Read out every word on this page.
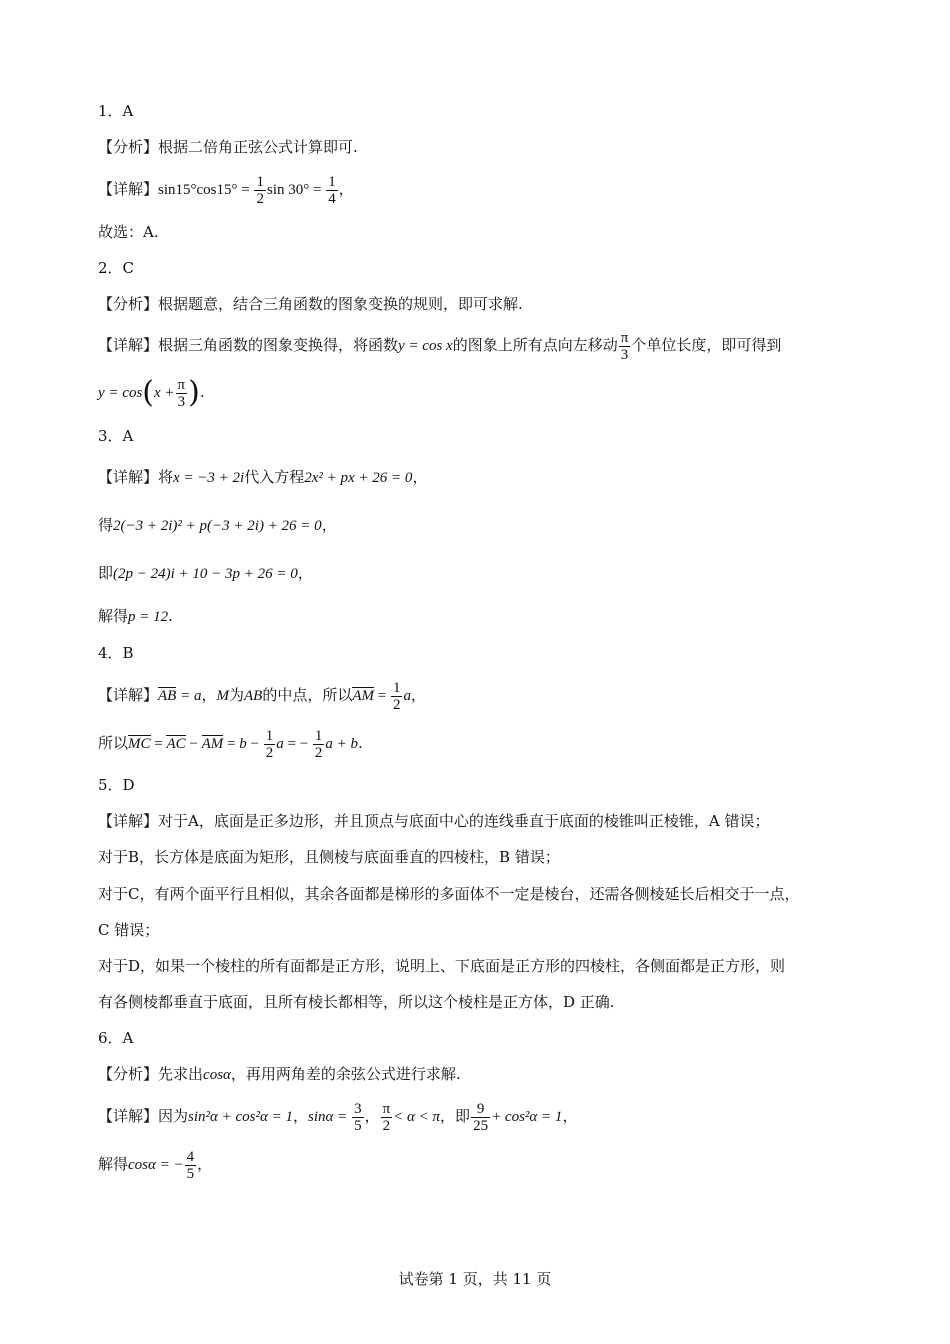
1．A
【分析】根据二倍角正弦公式计算即可.
【详解】$\sin 15^\circ\cos 15^\circ = \frac{1}{2}$ $\sin 30^\circ = \frac{1}{4}$ ，
故选：A.
2．C
【分析】根据题意，结合三角函数的图象变换的规则，即可求解.
【详解】根据三角函数的图象变换得，将函数y = cos x的图象上所有点向左移动 $\frac{\pi}{3}$ 个单位长度，即可得到
$y = \cos(x + \frac{\pi}{3}$ ).
3．A
【详解】将x = −3 + 2i代入方程2x² + px + 26 = 0，
得2(−3 + 2i)² + p(−3 + 2i) + 26 = 0，
即(2p − 24)i + 10 − 3p + 26 = 0，
解得p = 12.
4．B
【详解】AB = a，M为AB的中点，所以AM = $\frac{1}{2}$ a，
所以MC = AC − AM = $b - \frac{1}{2}$ a = − $\frac{1}{2}$ a + b.
5．D
【详解】对于A，底面是正多边形，并且顶点与底面中心的连线垂直于底面的棱锥叫正棱锥，A 错误；
对于B，长方体是底面为矩形，且侧棱与底面垂直的四棱柱，B 错误；
对于C，有两个面平行且相似，其余各面都是梯形的多面体不一定是棱台，还需各侧棱延长后相交于一点，
C 错误；
对于D，如果一个棱柱的所有面都是正方形，说明上、下底面是正方形的四棱柱，各侧面都是正方形，则
有各侧棱都垂直于底面，且所有棱长都相等，所以这个棱柱是正方体，D 正确.
6．A
【分析】先求出cosα，再用两角差的余弦公式进行求解.
【详解】因为sin²α + cos²α = 1，$\sin\alpha = \frac{3}{5}$ ， $\frac{\pi}{2} < \alpha < \pi$，即 $\frac{9}{25} + \cos^2\alpha = 1$，
解得cosα = − $\frac{4}{5}$ ，
试卷第 1 页，共 11 页
